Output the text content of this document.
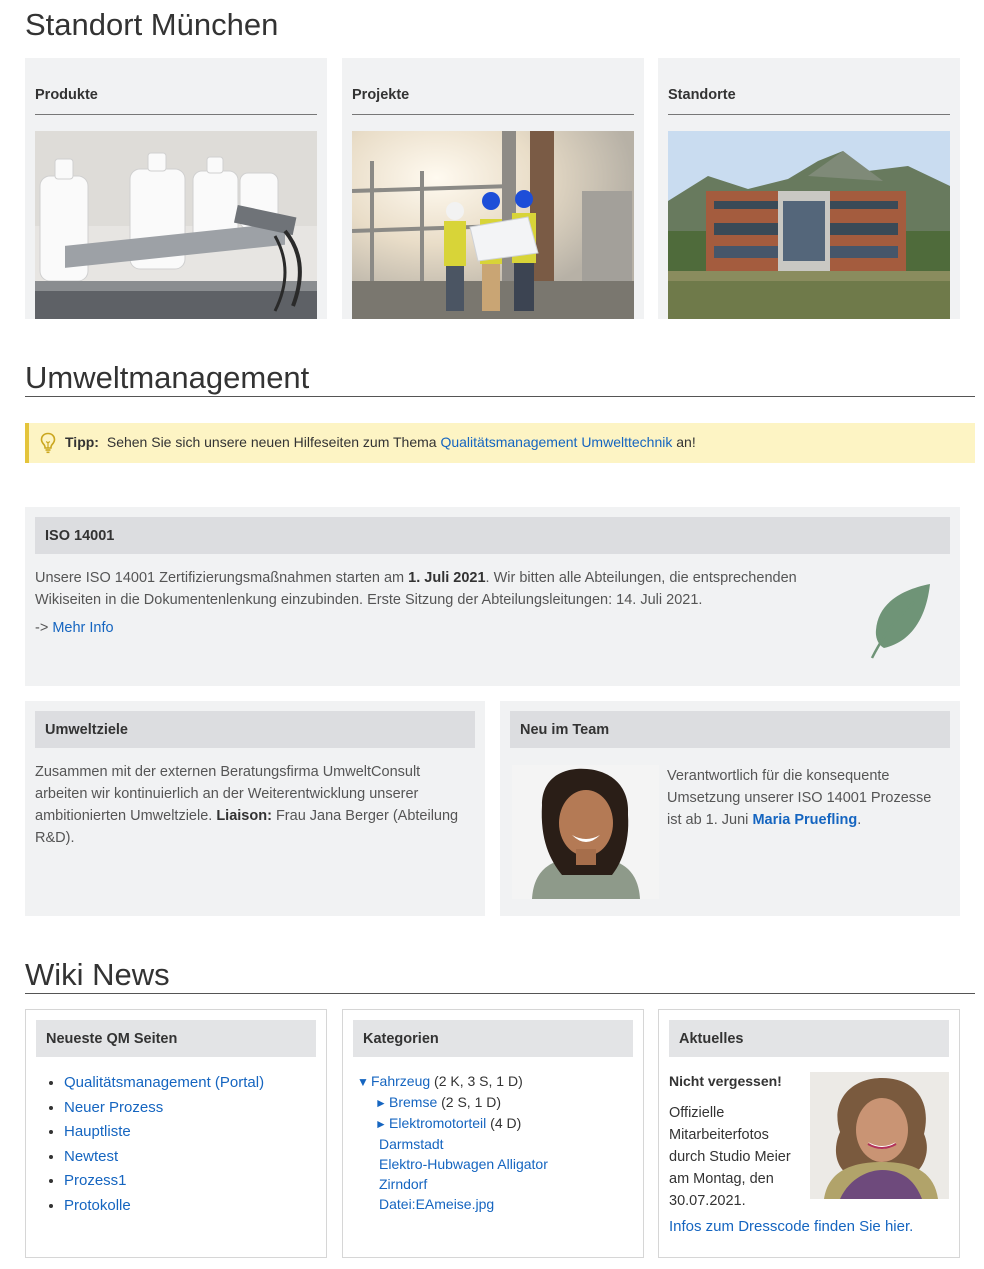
Standort München
Produkte	Projekte	Standorte
Umweltmanagement
Tipp: Sehen Sie sich unsere neuen Hilfeseiten zum Thema Qualitätsmanagement Umwelttechnik an!
ISO 14001

Unsere ISO 14001 Zertifizierungsmaßnahmen starten am 1. Juli 2021. Wir bitten alle Abteilungen, die entsprechenden Wikiseiten in die Dokumentenlenkung einzubinden. Erste Sitzung der Abteilungsleitungen: 14. Juli 2021.

-> Mehr Info

Umweltziele

Zusammen mit der externen Beratungsfirma UmweltConsult arbeiten wir kontinuierlich an der Weiterentwicklung unserer ambitionierten Umweltziele. Liaison: Frau Jana Berger (Abteilung R&D).

Neu im Team
Verantwortlich für die konsequente Umsetzung unserer ISO 14001 Prozesse ist ab 1. Juni Maria Pruefling.
Wiki News
Neueste QM Seiten
• Qualitätsmanagement (Portal)
• Neuer Prozess
• Hauptliste
• Newtest
• Prozess1
• Protokolle
Kategorien
▼ Fahrzeug (2 K, 3 S, 1 D)
► Bremse (2 S, 1 D)
► Elektromotorteil (4 D)
Darmstadt
Elektro-Hubwagen Alligator
Zirndorf
Datei:EAmeise.jpg
Aktuelles
Nicht vergessen!
Offizielle Mitarbeiterfotos durch Studio Meier am Montag, den 30.07.2021.
Infos zum Dresscode finden Sie hier.
